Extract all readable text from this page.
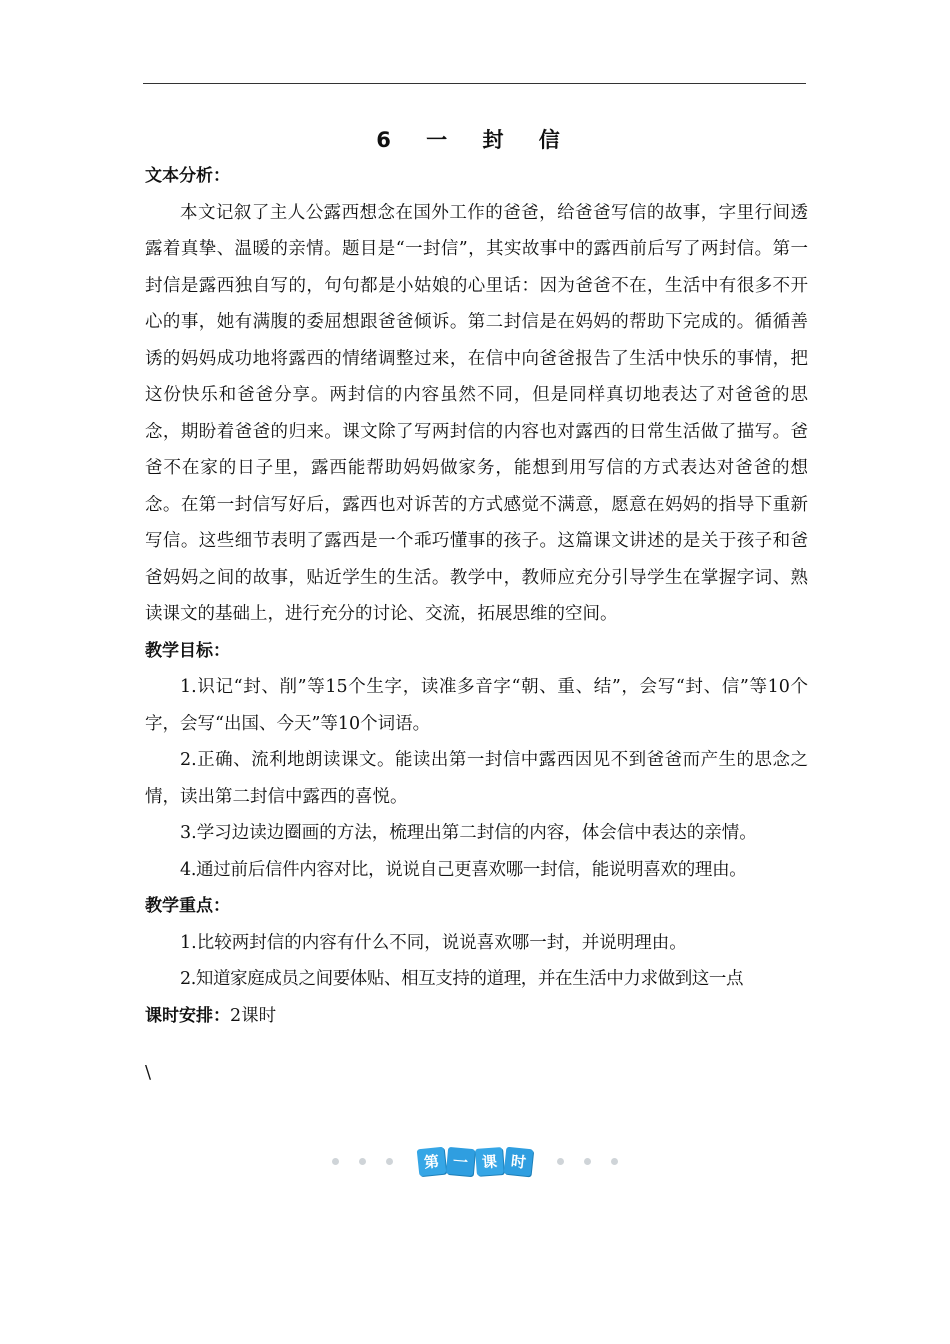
6 一 封 信
文本分析：

本文记叙了主人公露西想念在国外工作的爸爸，给爸爸写信的故事，字里行间透露着真挚、温暖的亲情。题目是“一封信”，其实故事中的露西前后写了两封信。第一封信是露西独自写的，句句都是小姑娘的心里话：因为爸爸不在，生活中有很多不开心的事，她有满腹的委屈想跟爸爸倾诉。第二封信是在妈妈的帮助下完成的。循循善诱的妈妈成功地将露西的情绪调整过来，在信中向爸爸报告了生活中快乐的事情，把这份快乐和爸爸分享。两封信的内容虽然不同，但是同样真切地表达了对爸爸的思念，期盼着爸爸的归来。课文除了写两封信的内容也对露西的日常生活做了描写。爸爸不在家的日子里，露西能帮助妈妈做家务，能想到用写信的方式表达对爸爸的想念。在第一封信写好后，露西也对诉苦的方式感觉不满意，愿意在妈妈的指导下重新写信。这些细节表明了露西是一个乖巧懂事的孩子。这篇课文讲述的是关于孩子和爸爸妈妈之间的故事，贴近学生的生活。教学中，教师应充分引导学生在掌握字词、熟读课文的基础上，进行充分的讨论、交流，拓展思维的空间。

教学目标：

1.识记“封、削”等15个生字，读准多音字“朝、重、结”，会写“封、信”等10个字，会写“出国、今天”等10个词语。

2.正确、流利地朗读课文。能读出第一封信中露西因见不到爸爸而产生的思念之情，读出第二封信中露西的喜悦。

3.学习边读边圈画的方法，梳理出第二封信的内容，体会信中表达的亲情。

4.通过前后信件内容对比，说说自己更喜欢哪一封信，能说明喜欢的理由。

教学重点：

1.比较两封信的内容有什么不同，说说喜欢哪一封，并说明理由。

2.知道家庭成员之间要体贴、相互支持的道理，并在生活中力求做到这一点

课时安排：2课时
\
第 一 课 时
